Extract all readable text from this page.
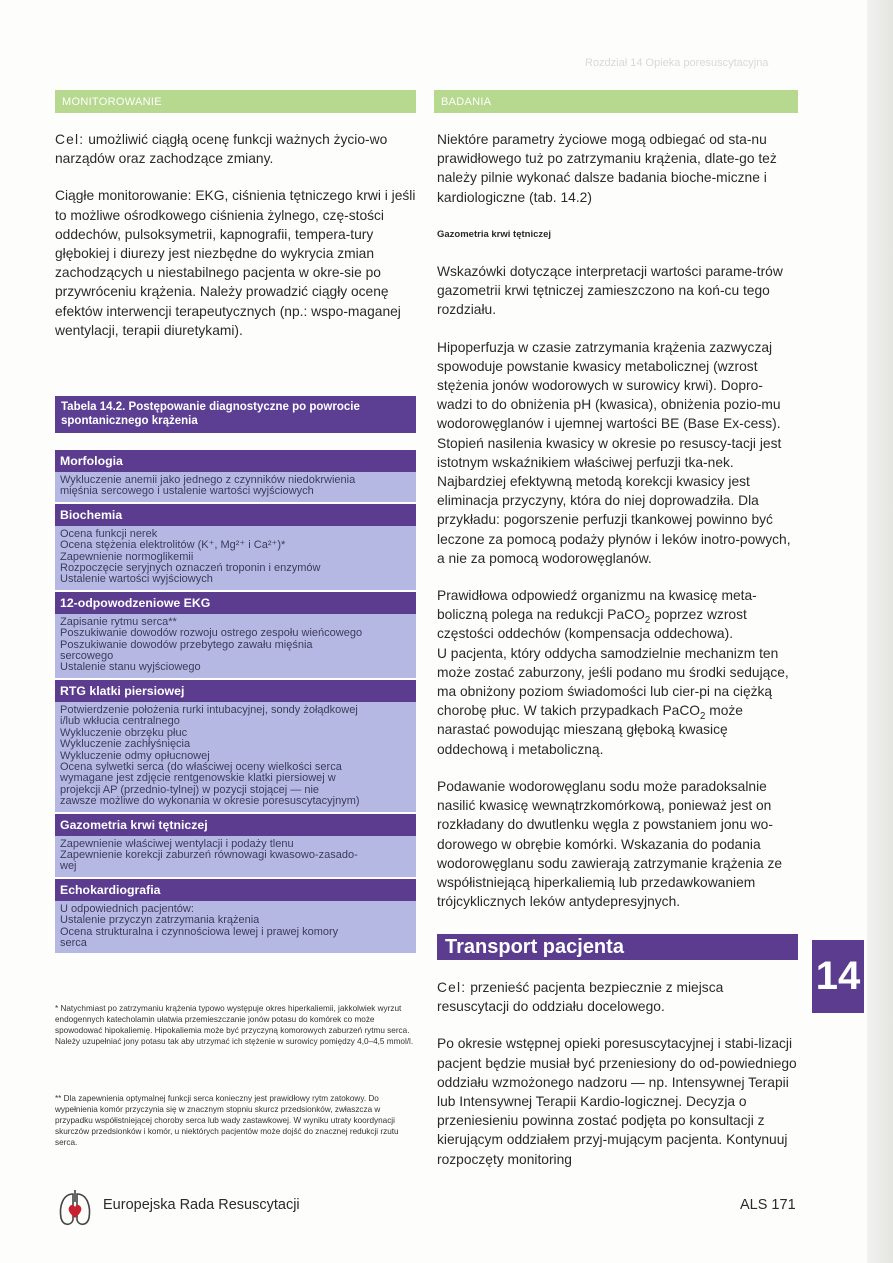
Rozdział 14 Opieka poresuscytacyjna
MONITOROWANIE

Cel: umożliwić ciągłą ocenę funkcji ważnych życio-wo narządów oraz zachodzące zmiany.

Ciągłe monitorowanie: EKG, ciśnienia tętniczego krwi i jeśli to możliwe ośrodkowego ciśnienia żylnego, czę-stości oddechów, pulsoksymetrii, kapnografii, tempera-tury głębokiej i diurezy jest niezbędne do wykrycia zmian zachodzących u niestabilnego pacjenta w okre-sie po przywróceniu krążenia. Należy prowadzić ciągły ocenę efektów interwencji terapeutycznych (np.: wspo-maganej wentylacji, terapii diuretykami).

Tabela 14.2. Postępowanie diagnostyczne po powrocie
spontanicznego krążenia
Morfologia
Wykluczenie anemii jako jednego z czynników niedokrwienia
mięśnia sercowego i ustalenie wartości wyjściowych
Biochemia
Ocena funkcji nerek
Ocena stężenia elektrolitów (K⁺, Mg²⁺ i Ca²⁺)*
Zapewnienie normoglikemii
Rozpoczęcie seryjnych oznaczeń troponin i enzymów
Ustalenie wartości wyjściowych
12-odpowodzeniowe EKG
Zapisanie rytmu serca**
Poszukiwanie dowodów rozwoju ostrego zespołu wieńcowego
Poszukiwanie dowodów przebytego zawału mięśnia
sercowego
Ustalenie stanu wyjściowego
RTG klatki piersiowej
Potwierdzenie położenia rurki intubacyjnej, sondy żołądkowej
i/lub wkłucia centralnego
Wykluczenie obrzęku płuc
Wykluczenie zachłyśnięcia
Wykluczenie odmy opłucnowej
Ocena sylwetki serca (do właściwej oceny wielkości serca
wymagane jest zdjęcie rentgenowskie klatki piersiowej w
projekcji AP (przednio-tylnej) w pozycji stojącej — nie
zawsze możliwe do wykonania w okresie poresuscytacyjnym)
Gazometria krwi tętniczej
Zapewnienie właściwej wentylacji i podaży tlenu
Zapewnienie korekcji zaburzeń równowagi kwasowo-zasado-
wej
Echokardiografia
U odpowiednich pacjentów:
Ustalenie przyczyn zatrzymania krążenia
Ocena strukturalna i czynnościowa lewej i prawej komory
serca
* Natychmiast po zatrzymaniu krążenia typowo występuje okres hiperkaliemii, jakkolwiek wyrzut endogennych katecholamin ułatwia przemieszczanie jonów potasu do komórek co może spowodować hipokaliemię. Hipokaliemia może być przyczyną komorowych zaburzeń rytmu serca. Należy uzupełniać jony potasu tak aby utrzymać ich stężenie w surowicy pomiędzy 4,0–4,5 mmol/l.
** Dla zapewnienia optymalnej funkcji serca konieczny jest prawidłowy rytm zatokowy. Do wypełnienia komór przyczynia się w znacznym stopniu skurcz przedsionków, zwłaszcza w przypadku współistniejącej choroby serca lub wady zastawkowej. W wyniku utraty koordynacji skurczów przedsionków i komór, u niektórych pacjentów może dojść do znacznej redukcji rzutu serca.
BADANIA

Niektóre parametry życiowe mogą odbiegać od sta-nu prawidłowego tuż po zatrzymaniu krążenia, dlate-go też należy pilnie wykonać dalsze badania bioche-miczne i kardiologiczne (tab. 14.2)

Gazometria krwi tętniczej

Wskazówki dotyczące interpretacji wartości parame-trów gazometrii krwi tętniczej zamieszczono na koń-cu tego rozdziału.

Hipoperfuzja w czasie zatrzymania krążenia zazwyczaj spowoduje powstanie kwasicy metabolicznej (wzrost stężenia jonów wodorowych w surowicy krwi). Dopro-wadzi to do obniżenia pH (kwasica), obniżenia pozio-mu wodorowęglanów i ujemnej wartości BE (Base Ex-cess). Stopień nasilenia kwasicy w okresie po resuscy-tacji jest istotnym wskaźnikiem właściwej perfuzji tka-nek. Najbardziej efektywną metodą korekcji kwasicy jest eliminacja przyczyny, która do niej doprowadziła. Dla przykładu: pogorszenie perfuzji tkankowej powinno być leczone za pomocą podaży płynów i leków inotro-powych, a nie za pomocą wodorowęglanów.

Prawidłowa odpowiedź organizmu na kwasicę meta-boliczną polega na redukcji PaCO$_2$ poprzez wzrost częstości oddechów (kompensacja oddechowa).

U pacjenta, który oddycha samodzielnie mechanizm ten może zostać zaburzony, jeśli podano mu środki sedujące, ma obniżony poziom świadomości lub cier-pi na ciężką chorobę płuc. W takich przypadkach PaCO$_2$ może narastać powodując mieszaną głęboką kwasicę oddechową i metaboliczną.

Podawanie wodorowęglanu sodu może paradoksalnie nasilić kwasicę wewnątrzkomórkową, ponieważ jest on rozkładany do dwutlenku węgla z powstaniem jonu wo-dorowego w obrębie komórki. Wskazania do podania wodorowęglanu sodu zawierają zatrzymanie krążenia ze współistniejącą hiperkaliemią lub przedawkowaniem trójcyklicznych leków antydepresyjnych.

Transport pacjenta

Cel: przenieść pacjenta bezpiecznie z miejsca resuscytacji do oddziału docelowego.

Po okresie wstępnej opieki poresuscytacyjnej i stabi-lizacji pacjent będzie musiał być przeniesiony do od-powiedniego oddziału wzmożonego nadzoru — np. Intensywnej Terapii lub Intensywnej Terapii Kardio-logicznej. Decyzja o przeniesieniu powinna zostać podjęta po konsultacji z kierującym oddziałem przyj-mującym pacjenta. Kontynuuj rozpoczęty monitoring

14
Europejska Rada Resuscytacji	ALS 171
